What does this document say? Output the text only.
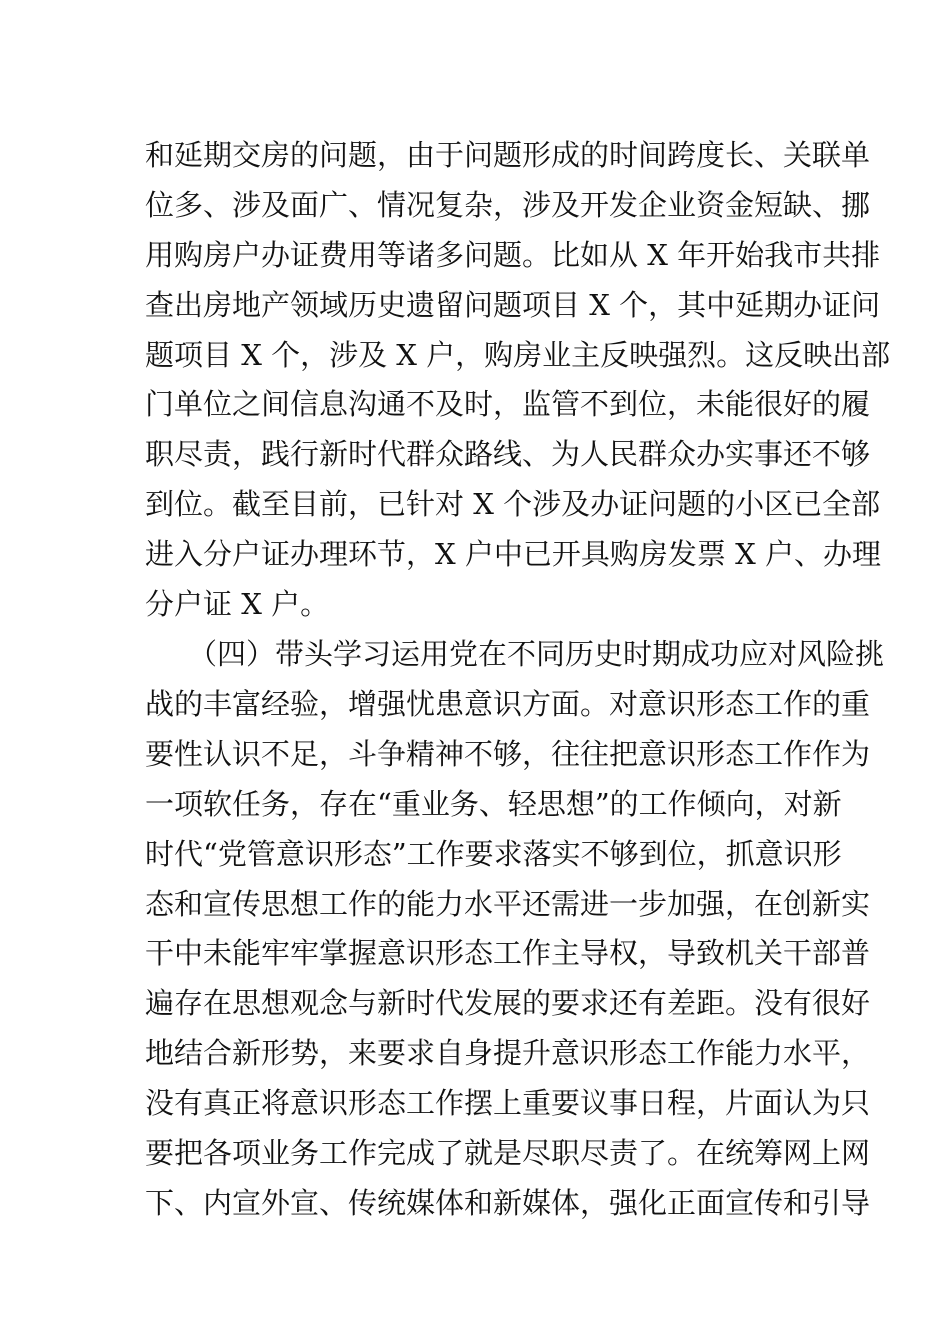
和延期交房的问题，由于问题形成的时间跨度长、关联单
位多、涉及面广、情况复杂，涉及开发企业资金短缺、挪
用购房户办证费用等诸多问题。比如从 X 年开始我市共排
查出房地产领域历史遗留问题项目 X 个，其中延期办证问
题项目 X 个，涉及 X 户，购房业主反映强烈。这反映出部
门单位之间信息沟通不及时，监管不到位，未能很好的履
职尽责，践行新时代群众路线、为人民群众办实事还不够
到位。截至目前，已针对 X 个涉及办证问题的小区已全部
进入分户证办理环节，X 户中已开具购房发票 X 户、办理
分户证 X 户。
（四）带头学习运用党在不同历史时期成功应对风险挑
战的丰富经验，增强忧患意识方面。对意识形态工作的重
要性认识不足，斗争精神不够，往往把意识形态工作作为
一项软任务，存在“重业务、轻思想”的工作倾向，对新
时代“党管意识形态”工作要求落实不够到位，抓意识形
态和宣传思想工作的能力水平还需进一步加强，在创新实
干中未能牢牢掌握意识形态工作主导权，导致机关干部普
遍存在思想观念与新时代发展的要求还有差距。没有很好
地结合新形势，来要求自身提升意识形态工作能力水平，
没有真正将意识形态工作摆上重要议事日程，片面认为只
要把各项业务工作完成了就是尽职尽责了。在统筹网上网
下、内宣外宣、传统媒体和新媒体，强化正面宣传和引导
